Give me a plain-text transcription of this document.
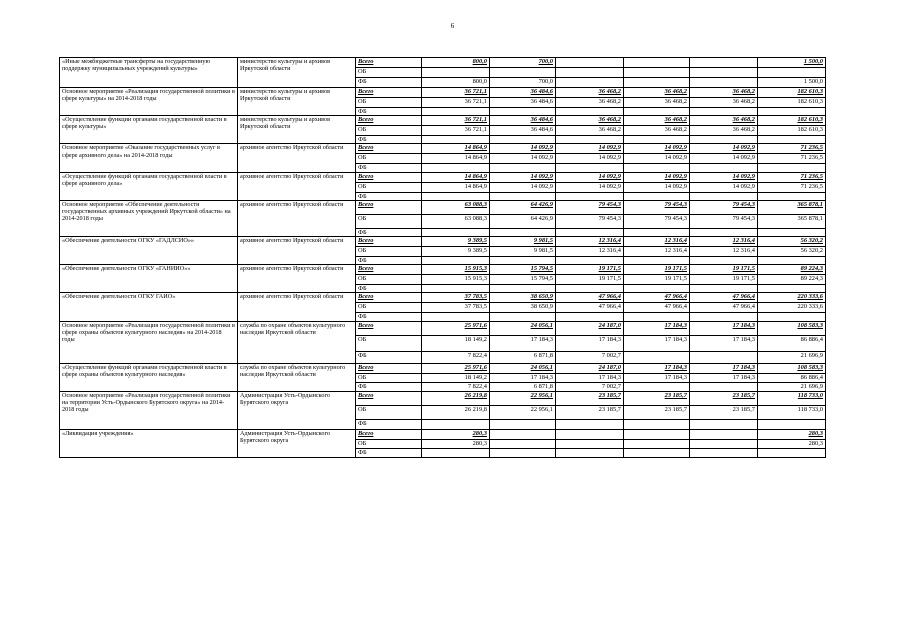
6
«Иные межбюджетные трансферты на государственную поддержку муниципальных учреждений культуры»	министерство культуры и архивов Иркутской области	Всего	800,0	700,0				1 500,0
		ОБ						
		ФБ	800,0	700,0				1 500,0
Основное мероприятие «Реализация государственной политики в сфере культуры» на 2014-2018 годы	министерство культуры и архивов Иркутской области	Всего	36 721,1	36 484,6	36 468,2	36 468,2	36 468,2	182 610,3
		ОБ	36 721,1	36 484,6	36 468,2	36 468,2	36 468,2	182 610,3
		ФБ						
«Осуществление функции органами государственной власти в сфере культуры»	министерство культуры и архивов Иркутской области	Всего	36 721,1	36 484,6	36 468,2	36 468,2	36 468,2	182 610,3
		ОБ	36 721,1	36 484,6	36 468,2	36 468,2	36 468,2	182 610,3
		ФБ						
Основное мероприятие «Оказание государственных услуг в сфере архивного дела» на 2014-2018 годы	архивное агентство Иркутской области	Всего	14 864,9	14 092,9	14 092,9	14 092,9	14 092,9	71 236,5
		ОБ	14 864,9	14 092,9	14 092,9	14 092,9	14 092,9	71 236,5
		ФБ						
«Осуществление функций органами государственной власти в сфере архивного дела»	архивное агентство Иркутской области	Всего	14 864,9	14 092,9	14 092,9	14 092,9	14 092,9	71 236,5
		ОБ	14 864,9	14 092,9	14 092,9	14 092,9	14 092,9	71 236,5
		ФБ						
Основное мероприятие «Обеспечение деятельности государственных архивных учреждений Иркутской области» на 2014-2018 годы	архивное агентство Иркутской области	Всего	63 088,3	64 426,9	79 454,3	79 454,3	79 454,3	365 878,1
		ОБ	63 088,3	64 426,9	79 454,3	79 454,3	79 454,3	365 878,1
		ФБ						
«Обеспечение деятельности ОГКУ «ГАДЛСИО»»	архивное агентство Иркутской области	Всего	9 389,5	9 981,5	12 316,4	12 316,4	12 316,4	56 320,2
		ОБ	9 389,5	9 981,5	12 316,4	12 316,4	12 316,4	56 320,2
		ФБ						
«Обеспечение деятельности ОГКУ «ГАНИИО»»	архивное агентство Иркутской области	Всего	15 915,3	15 794,5	19 171,5	19 171,5	19 171,5	89 224,3
		ОБ	15 915,3	15 794,5	19 171,5	19 171,5	19 171,5	89 224,3
		ФБ						
«Обеспечение деятельности ОГКУ ГАИО»	архивное агентство Иркутской области	Всего	37 783,5	38 650,9	47 966,4	47 966,4	47 966,4	220 333,6
		ОБ	37 783,5	38 650,9	47 966,4	47 966,4	47 966,4	220 333,6
		ФБ						
Основное мероприятие «Реализация государственной политики в сфере охраны объектов культурного наследия» на 2014-2018 годы	служба по охране объектов культурного наследия Иркутской области	Всего	25 971,6	24 056,1	24 187,0	17 184,3	17 184,3	108 583,3
		ОБ	18 149,2	17 184,3	17 184,3	17 184,3	17 184,3	86 886,4
		ФБ	7 822,4	6 871,8	7 002,7			21 696,9
«Осуществление функций органами государственной власти в сфере охраны объектов культурного наследия»	служба по охране объектов культурного наследия Иркутской области	Всего	25 971,6	24 056,1	24 187,0	17 184,3	17 184,3	108 583,3
		ОБ	18 149,2	17 184,3	17 184,3	17 184,3	17 184,3	86 886,4
		ФБ	7 822,4	6 871,8	7 002,7			21 696,9
Основное мероприятие «Реализация государственной политики на территории Усть-Ордынского Бурятского округа» на 2014-2018 годы	Администрация Усть-Ордынского Бурятского округа	Всего	26 219,8	22 956,1	23 185,7	23 185,7	23 185,7	118 733,0
		ОБ	26 219,8	22 956,1	23 185,7	23 185,7	23 185,7	118 733,0
		ФБ						
«Ликвидация учреждения»	Администрация Усть-Ордынского Бурятского округа	Всего	280,3					280,3
		ОБ	280,3					280,3
		ФБ						
